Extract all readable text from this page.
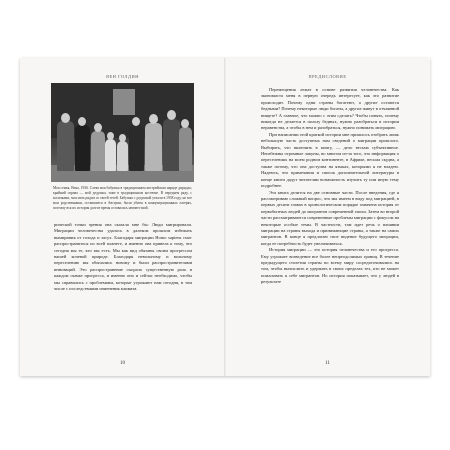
ЯЕН ГОЛДИН
Моя семья, Вена, 1936. Слева моя бабушка в традиционном австрийском наряде дирндль; крайний справа — мой дедушка, тоже в традиционном костюме. В переднем ряду, с косичками, моя мать рядом со своей тетей. Бабушка с дедушкой уехали в 1938 году, но все мои родственники, оставшиеся в Австрии, были убиты в концентрационных лагерях, поэтому вся их история долгое время оставалась неизвестной.

рической точки зрения она сказала мне бы: Люди мигрировали. Миграции человечества удалось в далеком прошлом избежать вымирания от голода и засух. Благодаря миграции Homo sapiens смог распространиться по всей планете, и именно она привела к тому, что сегодня мы те, кто мы есть. Мы как вид обязаны своим прогрессом нашей кочевой природе. Благодаря невольному и вольному переселению мы обычались новому и были распространителями инноваций. Это распространение сыграло существенную роль в каждом скачке прогресса, и именно оно и сейчас необходимо, чтобы мы справились с проблемами, которые угрожают нам сегодня, в том числе с последствиями изменения климата.

10
ПРЕДИСЛОВИЕ

Перемещения лежат в основе развития человечества. Как экономиста меня в первую очередь интересует, как это развитие происходит. Почему одни страны богатеют, а другие остаются бедными? Почему некоторые люди богаты, а другие живут в отчаянной нищете? А главное, что можно с этим сделать? Чтобы понять, почему никогда не делается в пользу бедных, нужно разобраться в истории неравенства, а чтобы в нем и разобраться, нужно понимать миграцию.

При написании этой краткой истории мне пришлось отобрать лишь небольшую часть доступных нам сведений о миграции прошлого. Выбирать, что включить в книгу, — дело весьма субъективное. Неизбежны огромные лакуны, во многом из-за того, что информация о переселениях на моем родном континенте, в Африке, весьма скудна, а также потому, что она доступна на языках, которыми я не владею. Надеюсь, что примечания и список дополнительной литературы в конце книги дадут читателям возможность изучить ту или иную тему подробнее.

Эта книга делится на две основные части. После введения, где я рассматриваю сложный вопрос, что мы имеем в виду под миграцией, в первых десяти главах в хронологическом порядке охвачена история от первобытных людей до мигрантов современной эпохи. Затем во второй части рассматриваются современные проблемы миграции с фокусом на некоторые особые темы. В частности, там идет речь о влиянии миграции на страны выхода и принимающие страны, а также на самих мигрантов. В конце я предлагаю свое видение будущего миграции, когда ее потребность будет увеличиваться.

История миграции — это история человечества и его прогресса. Ему угрожает возведение все более непреодолимых границ. В течение предыдущего столетия страны по всему миру сосредоточивались на том, чтобы вычислить и удержать в своих пределах тех, кто не может пожаловать к себе мигрантов. Но история показывает, что у людей в результате

11
